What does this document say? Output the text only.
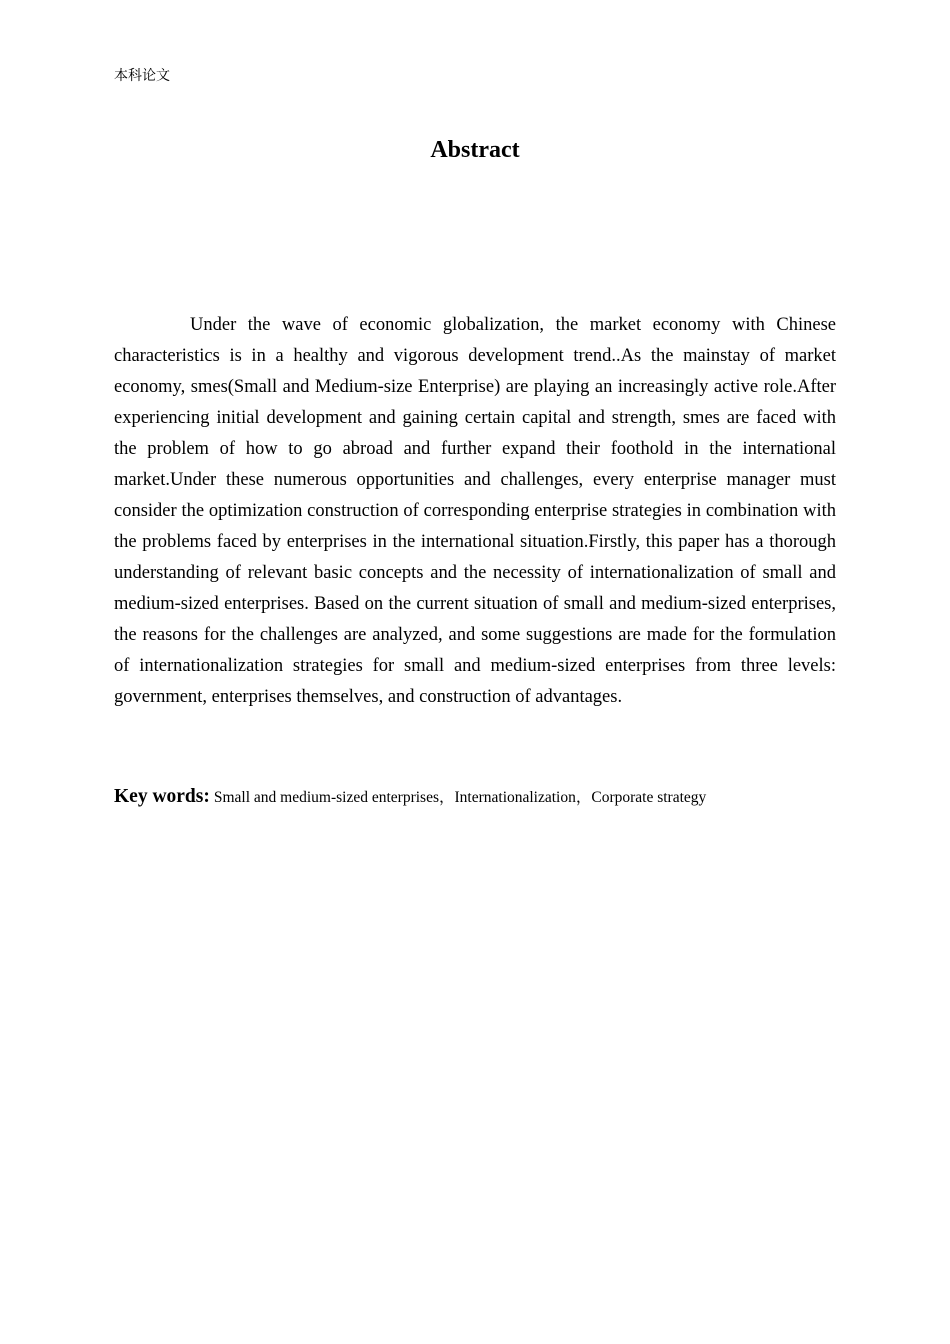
本科论文
Abstract

Under the wave of economic globalization, the market economy with Chinese characteristics is in a healthy and vigorous development trend..As the mainstay of market economy, smes(Small and Medium-size Enterprise) are playing an increasingly active role.After experiencing initial development and gaining certain capital and strength, smes are faced with the problem of how to go abroad and further expand their foothold in the international market.Under these numerous opportunities and challenges, every enterprise manager must consider the optimization construction of corresponding enterprise strategies in combination with the problems faced by enterprises in the international situation.Firstly, this paper has a thorough understanding of relevant basic concepts and the necessity of internationalization of small and medium-sized enterprises. Based on the current situation of small and medium-sized enterprises, the reasons for the challenges are analyzed, and some suggestions are made for the formulation of internationalization strategies for small and medium-sized enterprises from three levels: government, enterprises themselves, and construction of advantages.

Key words: Small and medium-sized enterprises，Internationalization，Corporate strategy
